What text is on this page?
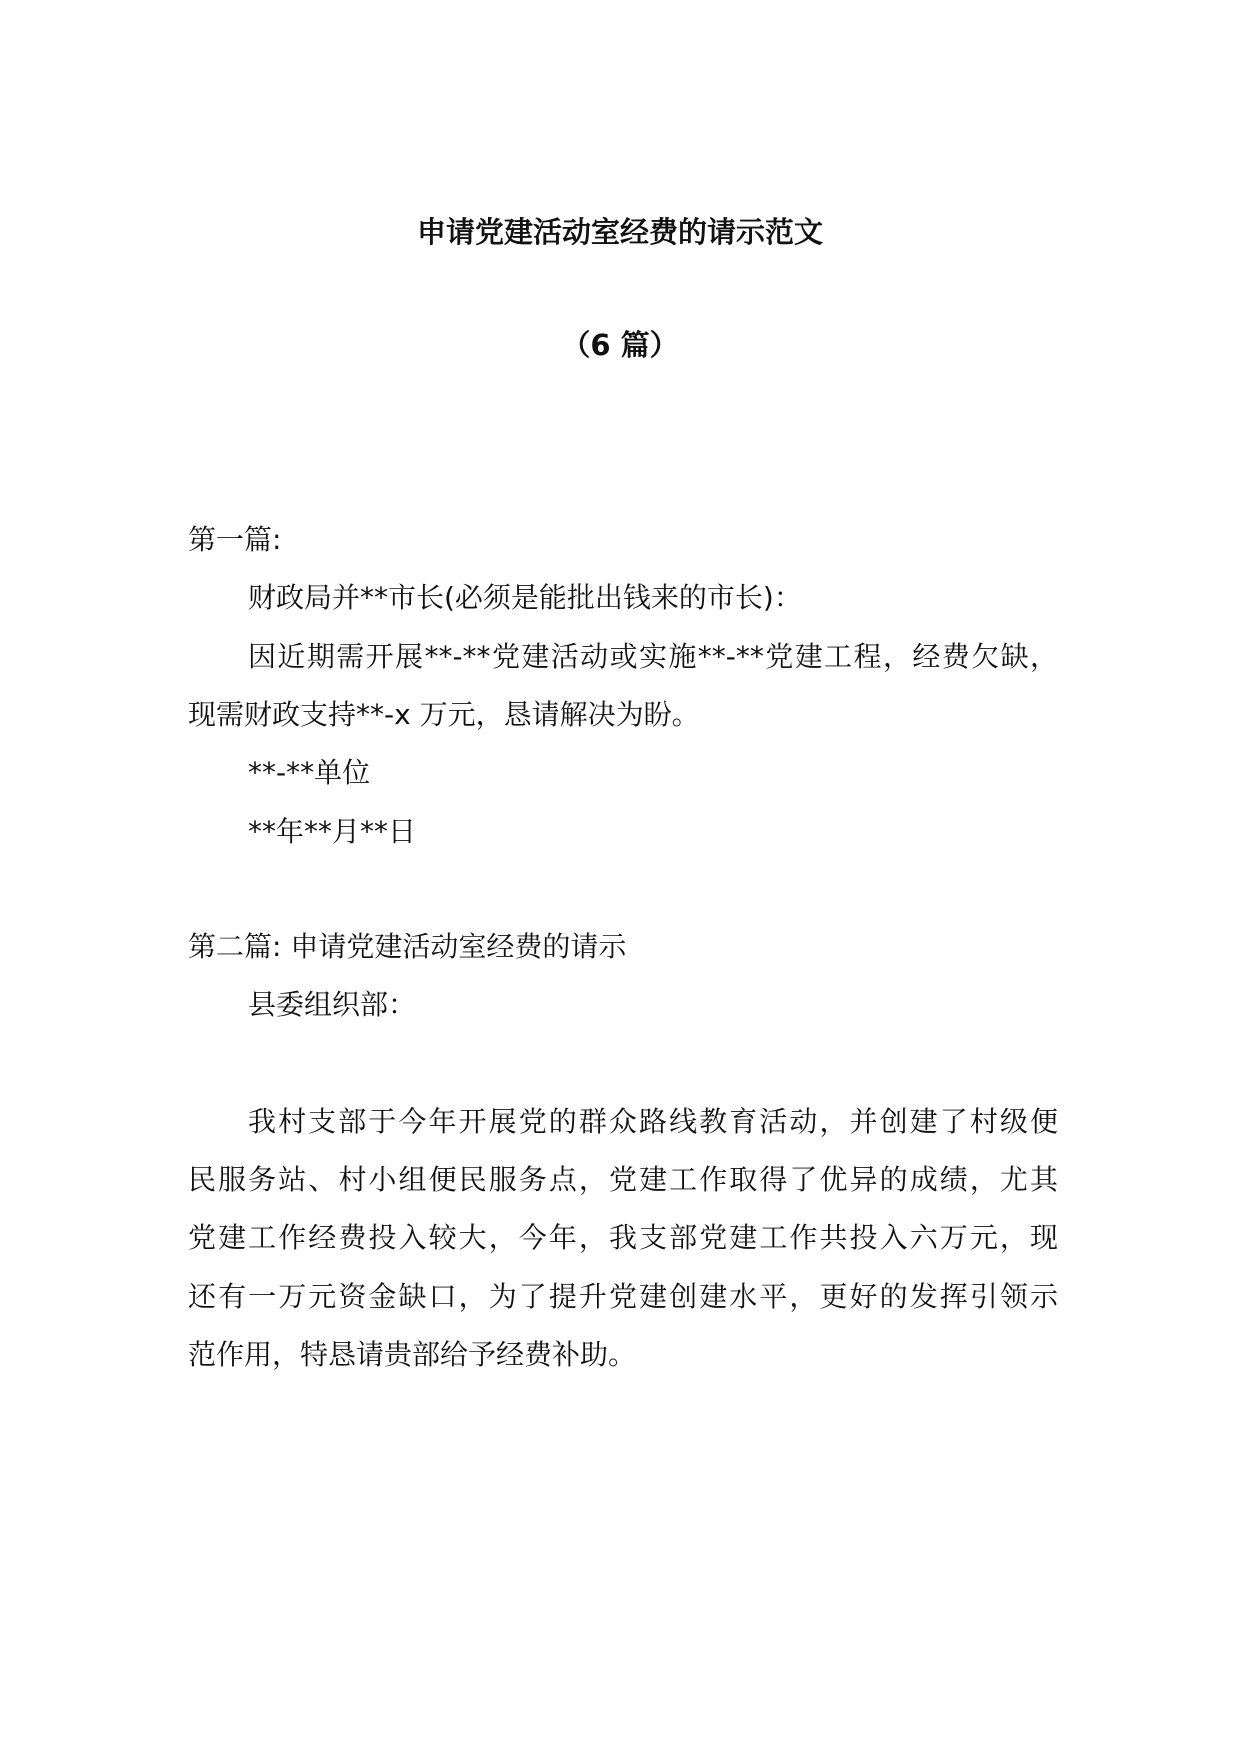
申请党建活动室经费的请示范文
（6 篇）
第一篇:
财政局并**市长(必须是能批出钱来的市长)：
因近期需开展**-**党建活动或实施**-**党建工程，经费欠缺，
现需财政支持**-x 万元，恳请解决为盼。
**-**单位
**年**月**日
第二篇: 申请党建活动室经费的请示
县委组织部：
我村支部于今年开展党的群众路线教育活动，并创建了村级便
民服务站、村小组便民服务点，党建工作取得了优异的成绩，尤其
党建工作经费投入较大，今年，我支部党建工作共投入六万元，现
还有一万元资金缺口，为了提升党建创建水平，更好的发挥引领示
范作用，特恳请贵部给予经费补助。
